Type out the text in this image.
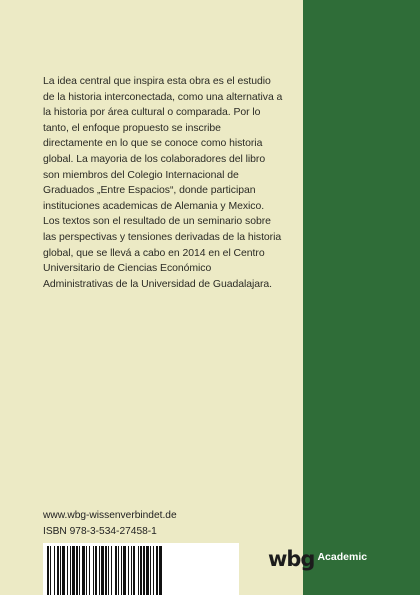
La idea central que inspira esta obra es el estudio de la historia interconectada, como una alternativa a la historia por área cultural o comparada. Por lo tanto, el enfoque propuesto se inscribe directamente en lo que se conoce como historia global. La mayoria de los colaboradores del libro son miembros del Colegio Internacional de Graduados „Entre Espacios“, donde participan instituciones academicas de Alemania y Mexico. Los textos son el resultado de un seminario sobre las perspectivas y tensiones derivadas de la historia global, que se llevá a cabo en 2014 en el Centro Universitario de Ciencias Económico Administrativas de la Universidad de Guadalajara.

www.wbg-wissenverbindet.de

ISBN 978-3-534-27458-1

wbg Academic
